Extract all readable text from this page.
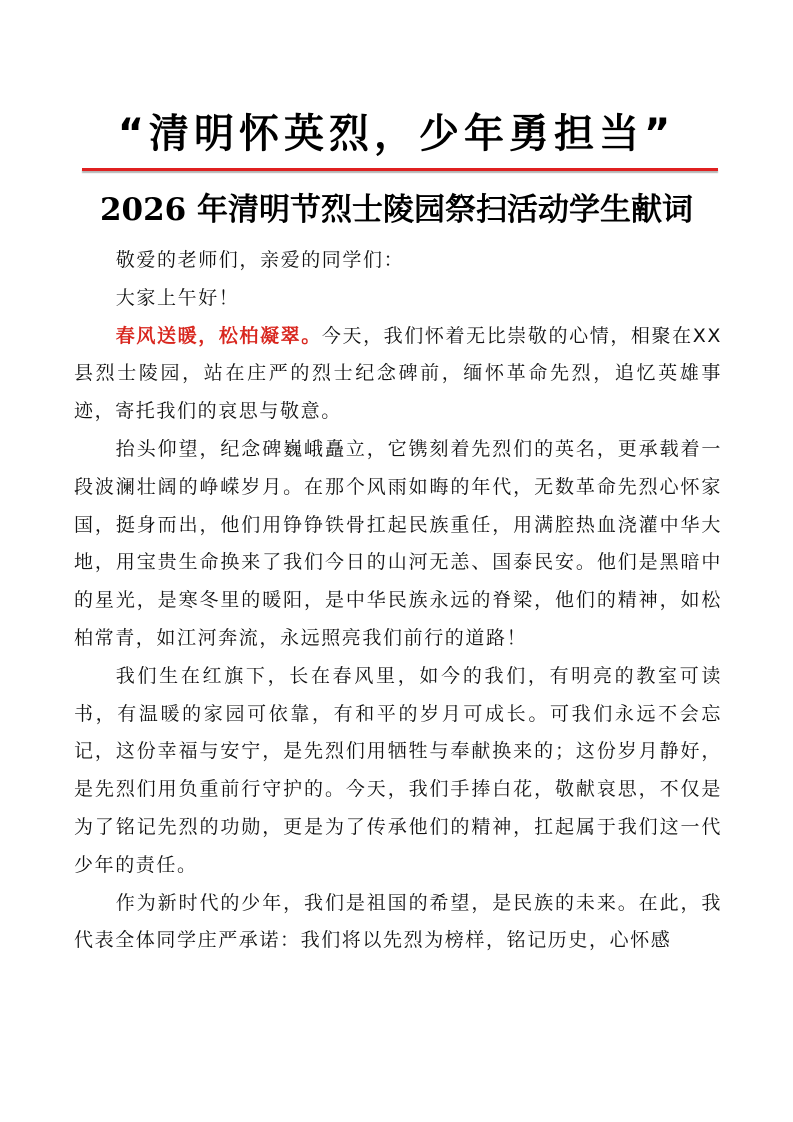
“清明怀英烈，少年勇担当”
2026 年清明节烈士陵园祭扫活动学生献词

敬爱的老师们，亲爱的同学们：

大家上午好！

春风送暖，松柏凝翠。今天，我们怀着无比崇敬的心情，相聚在XX县烈士陵园，站在庄严的烈士纪念碑前，缅怀革命先烈，追忆英雄事迹，寄托我们的哀思与敬意。

抬头仰望，纪念碑巍峨矗立，它镌刻着先烈们的英名，更承载着一段波澜壮阔的峥嵘岁月。在那个风雨如晦的年代，无数革命先烈心怀家国，挺身而出，他们用铮铮铁骨扛起民族重任，用满腔热血浇灌中华大地，用宝贵生命换来了我们今日的山河无恙、国泰民安。他们是黑暗中的星光，是寒冬里的暖阳，是中华民族永远的脊梁，他们的精神，如松柏常青，如江河奔流，永远照亮我们前行的道路！

我们生在红旗下，长在春风里，如今的我们，有明亮的教室可读书，有温暖的家园可依靠，有和平的岁月可成长。可我们永远不会忘记，这份幸福与安宁，是先烈们用牺牲与奉献换来的；这份岁月静好，是先烈们用负重前行守护的。今天，我们手捧白花，敬献哀思，不仅是为了铭记先烈的功勋，更是为了传承他们的精神，扛起属于我们这一代少年的责任。

作为新时代的少年，我们是祖国的希望，是民族的未来。在此，我代表全体同学庄严承诺：我们将以先烈为榜样，铭记历史，心怀感
